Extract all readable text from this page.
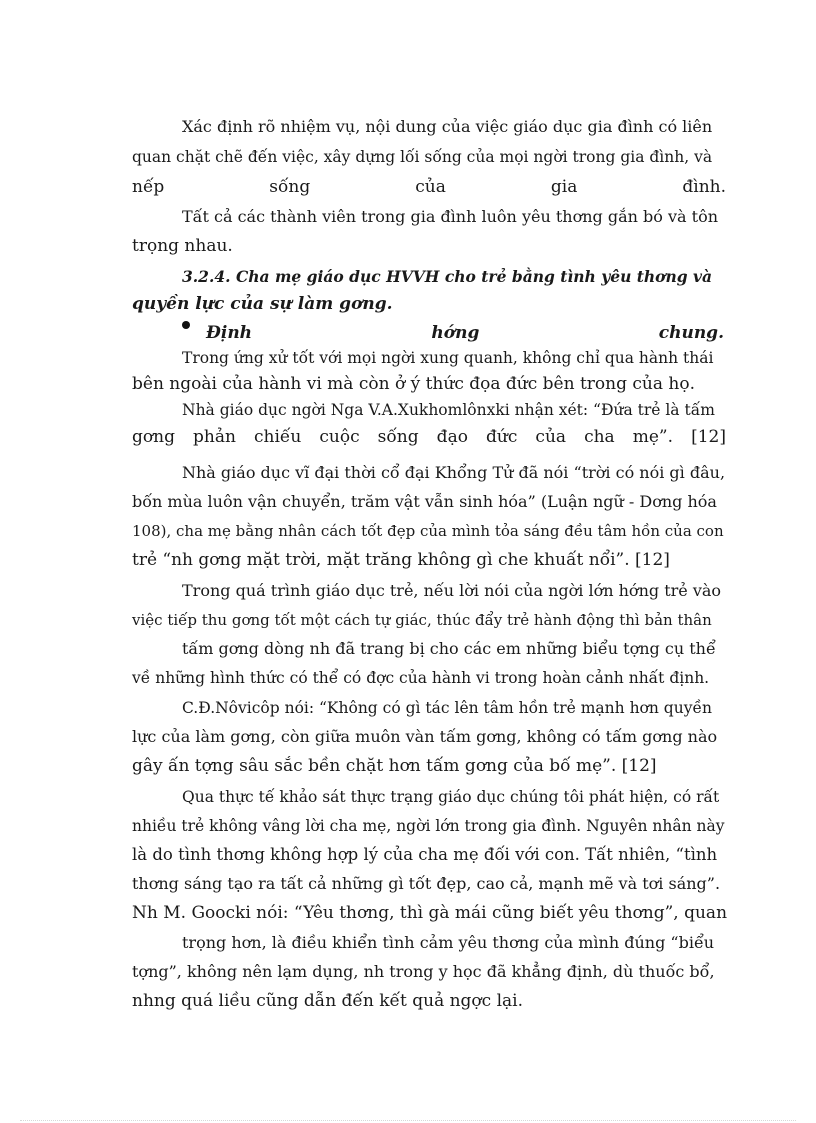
Xác định rõ nhiệm vụ, nội dung của việc giáo dục gia đình có liên
quan chặt chẽ đến việc, xây dựng lối sống của mọi ngời trong gia đình, và
nếp sống của gia đình.
Tất cả các thành viên trong gia đình luôn yêu thơng gắn bó và tôn
trọng nhau.
3.2.4. Cha mẹ giáo dục HVVH cho trẻ bằng tình yêu thơng và
quyền lực của sự làm gơng.
Định hớng chung.
Trong ứng xử tốt với mọi ngời xung quanh, không chỉ qua hành thái
bên ngoài của hành vi mà còn ở ý thức đọa đức bên trong của họ.
Nhà giáo dục ngời Nga V.A.Xukhomlônxki nhận xét: “Đứa trẻ là tấm
gơng phản chiếu cuộc sống đạo đức của cha mẹ”. [12]
Nhà giáo dục vĩ đại thời cổ đại Khổng Tử đã nói “trời có nói gì đâu,
bốn mùa luôn vận chuyển, trăm vật vẫn sinh hóa” (Luận ngữ - Dơng hóa
108), cha mẹ bằng nhân cách tốt đẹp của mình tỏa sáng đều tâm hồn của con
trẻ “nh gơng mặt trời, mặt trăng không gì che khuất nổi”. [12]
Trong quá trình giáo dục trẻ, nếu lời nói của ngời lớn hớng trẻ vào
việc tiếp thu gơng tốt một cách tự giác, thúc đẩy trẻ hành động thì bản thân
tấm gơng dòng nh đã trang bị cho các em những biểu tợng cụ thể
về những hình thức có thể có đợc của hành vi trong hoàn cảnh nhất định.
C.Đ.Nôvicôp nói: “Không có gì tác lên tâm hồn trẻ mạnh hơn quyền
lực của làm gơng, còn giữa muôn vàn tấm gơng, không có tấm gơng nào
gây ấn tợng sâu sắc bền chặt hơn tấm gơng của bố mẹ”. [12]
Qua thực tế khảo sát thực trạng giáo dục chúng tôi phát hiện, có rất
nhiều trẻ không vâng lời cha mẹ, ngời lớn trong gia đình. Nguyên nhân này
là do tình thơng không hợp lý của cha mẹ đối với con. Tất nhiên, “tình
thơng sáng tạo ra tất cả những gì tốt đẹp, cao cả, mạnh mẽ và tơi sáng”.
Nh M. Goocki nói: “Yêu thơng, thì gà mái cũng biết yêu thơng”, quan
trọng hơn, là điều khiển tình cảm yêu thơng của mình đúng “biểu
tợng”, không nên lạm dụng, nh trong y học đã khẳng định, dù thuốc bổ,
nhng quá liều cũng dẫn đến kết quả ngợc lại.
